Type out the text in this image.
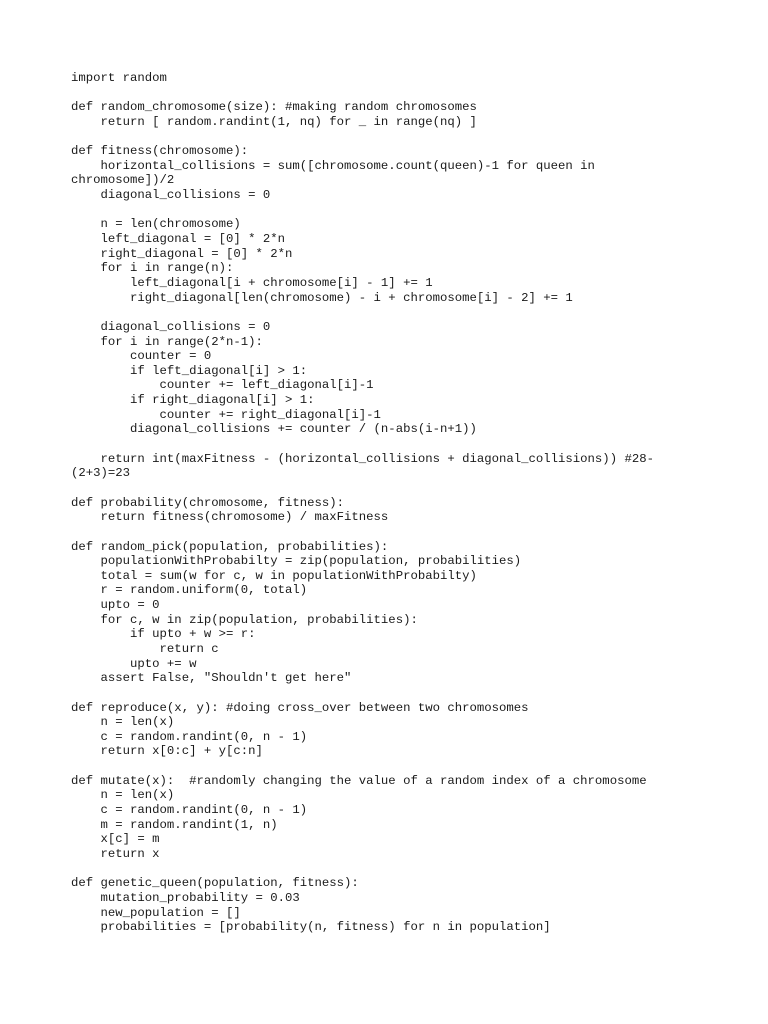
import random
def random_chromosome(size): #making random chromosomes
return [ random.randint(1, nq) for _ in range(nq) ]
def fitness(chromosome):
horizontal_collisions = sum([chromosome.count(queen)-1 for queen in
chromosome])/2
diagonal_collisions = 0
n = len(chromosome)
left_diagonal = [0] * 2*n
right_diagonal = [0] * 2*n
for i in range(n):
left_diagonal[i + chromosome[i] - 1] += 1
right_diagonal[len(chromosome) - i + chromosome[i] - 2] += 1
diagonal_collisions = 0
for i in range(2*n-1):
counter = 0
if left_diagonal[i] > 1:
counter += left_diagonal[i]-1
if right_diagonal[i] > 1:
counter += right_diagonal[i]-1
diagonal_collisions += counter / (n-abs(i-n+1))
return int(maxFitness - (horizontal_collisions + diagonal_collisions)) #28-
(2+3)=23
def probability(chromosome, fitness):
return fitness(chromosome) / maxFitness
def random_pick(population, probabilities):
populationWithProbabilty = zip(population, probabilities)
total = sum(w for c, w in populationWithProbabilty)
r = random.uniform(0, total)
upto = 0
for c, w in zip(population, probabilities):
if upto + w >= r:
return c
upto += w
assert False, "Shouldn't get here"
def reproduce(x, y): #doing cross_over between two chromosomes
n = len(x)
c = random.randint(0, n - 1)
return x[0:c] + y[c:n]
def mutate(x):  #randomly changing the value of a random index of a chromosome
n = len(x)
c = random.randint(0, n - 1)
m = random.randint(1, n)
x[c] = m
return x
def genetic_queen(population, fitness):
mutation_probability = 0.03
new_population = []
probabilities = [probability(n, fitness) for n in population]
